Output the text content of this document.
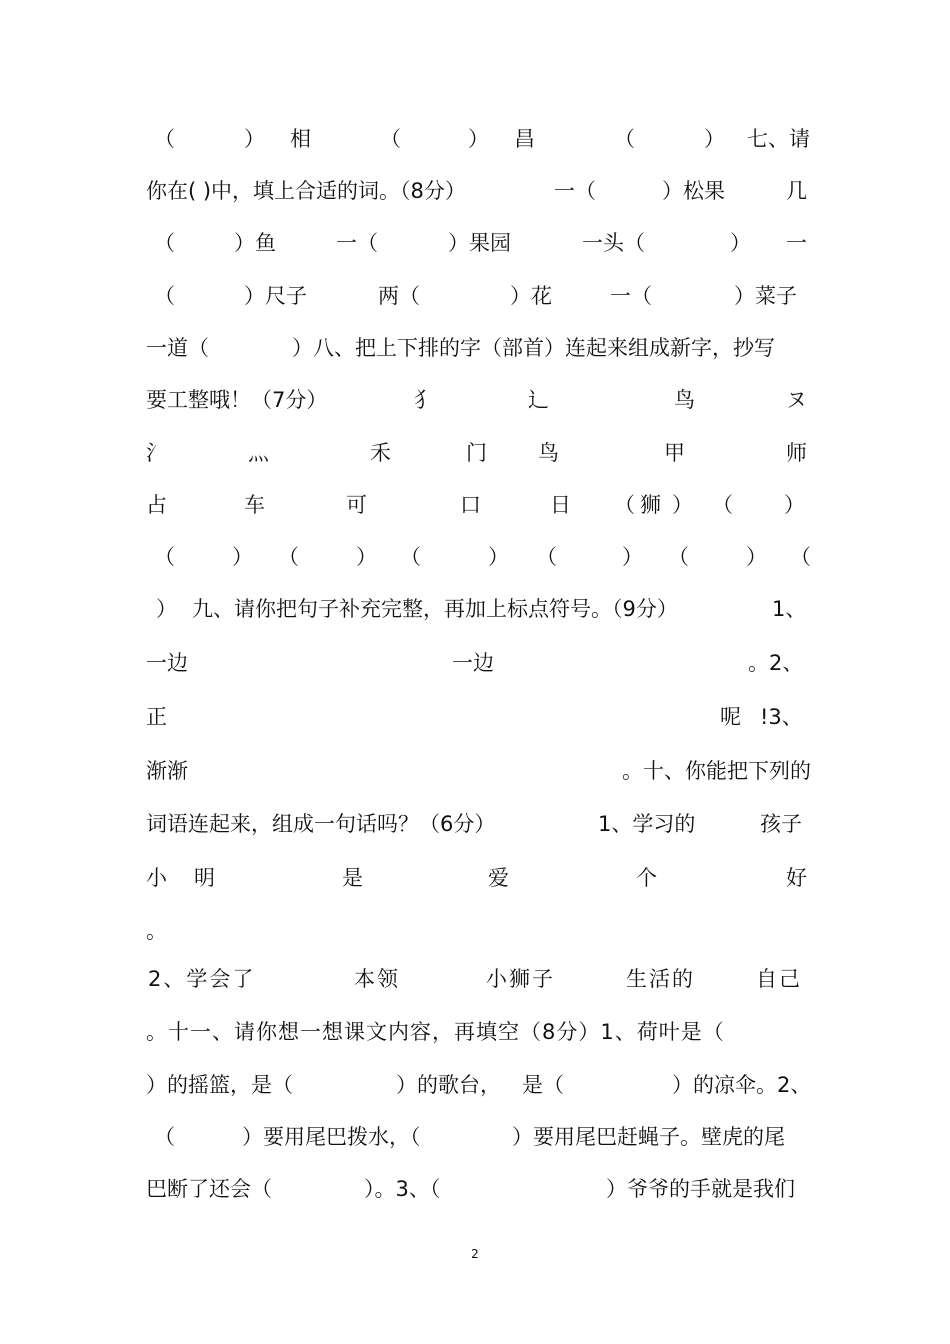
（	） 相	（	） 昌	（	） 七、请
你在( )中，填上合适的词。（8分）	一（	）松果	几
（	）鱼	一（	）果园	一头（	） 一
（	）尺子	两（	）花	一（	）菜子
一道（	）八、把上下排的字（部首）连起来组成新字，抄写
要工整哦！（7分）	犭	辶	鸟	ヌ
氵	灬	禾	门 鸟	甲	师
占	车	可	口	日 （ 狮 ） （ ）
（	） （	） （	） （	） （	） （
） 九、请你把句子补充完整，再加上标点符号。（9分）	1、
一边	一边	。2、
正	呢 !3、
渐渐	。十、你能把下列的
词语连起来，组成一句话吗？（6分）	1、学习的	孩子
小 明	是	爱	个	好
。
2、学会了	本领	小狮子	生活的	自己
。十一、请你想一想课文内容，再填空（8分）1、荷叶是（
）的摇篮，是（	）的歌台， 是（	）的凉伞。2、
（	）要用尾巴拨水，（	）要用尾巴赶蝇子。壁虎的尾
巴断了还会（	）。3、（	）爷爷的手就是我们
2
